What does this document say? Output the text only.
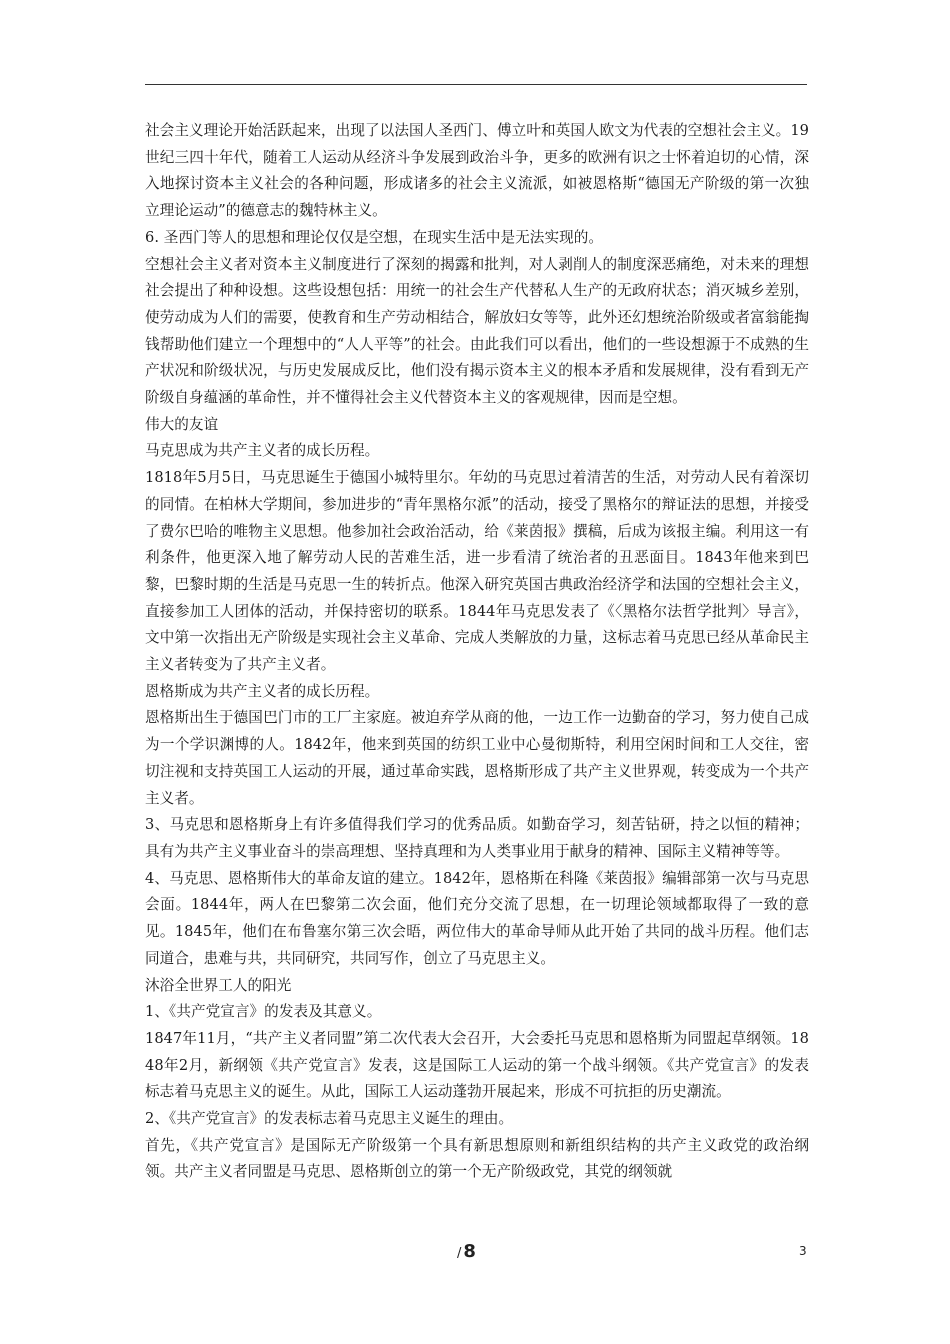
社会主义理论开始活跃起来，出现了以法国人圣西门、傅立叶和英国人欧文为代表的空想社会主义。19世纪三四十年代，随着工人运动从经济斗争发展到政治斗争，更多的欧洲有识之士怀着迫切的心情，深入地探讨资本主义社会的各种问题，形成诸多的社会主义流派，如被恩格斯“德国无产阶级的第一次独立理论运动”的德意志的魏特林主义。

6. 圣西门等人的思想和理论仅仅是空想，在现实生活中是无法实现的。

空想社会主义者对资本主义制度进行了深刻的揭露和批判，对人剥削人的制度深恶痛绝，对未来的理想社会提出了种种设想。这些设想包括：用统一的社会生产代替私人生产的无政府状态；消灭城乡差别，使劳动成为人们的需要，使教育和生产劳动相结合，解放妇女等等，此外还幻想统治阶级或者富翁能掏钱帮助他们建立一个理想中的“人人平等”的社会。由此我们可以看出，他们的一些设想源于不成熟的生产状况和阶级状况，与历史发展成反比，他们没有揭示资本主义的根本矛盾和发展规律，没有看到无产阶级自身蕴涵的革命性，并不懂得社会主义代替资本主义的客观规律，因而是空想。

伟大的友谊

马克思成为共产主义者的成长历程。

1818年5月5日，马克思诞生于德国小城特里尔。年幼的马克思过着清苦的生活，对劳动人民有着深切的同情。在柏林大学期间，参加进步的“青年黑格尔派”的活动，接受了黑格尔的辩证法的思想，并接受了费尔巴哈的唯物主义思想。他参加社会政治活动，给《莱茵报》撰稿，后成为该报主编。利用这一有利条件，他更深入地了解劳动人民的苦难生活，进一步看清了统治者的丑恶面目。1843年他来到巴黎，巴黎时期的生活是马克思一生的转折点。他深入研究英国古典政治经济学和法国的空想社会主义，直接参加工人团体的活动，并保持密切的联系。1844年马克思发表了《〈黑格尔法哲学批判〉导言》，文中第一次指出无产阶级是实现社会主义革命、完成人类解放的力量，这标志着马克思已经从革命民主主义者转变为了共产主义者。

恩格斯成为共产主义者的成长历程。

恩格斯出生于德国巴门市的工厂主家庭。被迫弃学从商的他，一边工作一边勤奋的学习，努力使自己成为一个学识渊博的人。1842年，他来到英国的纺织工业中心曼彻斯特，利用空闲时间和工人交往，密切注视和支持英国工人运动的开展，通过革命实践，恩格斯形成了共产主义世界观，转变成为一个共产主义者。

3、马克思和恩格斯身上有许多值得我们学习的优秀品质。如勤奋学习，刻苦钻研，持之以恒的精神；具有为共产主义事业奋斗的崇高理想、坚持真理和为人类事业用于献身的精神、国际主义精神等等。

4、马克思、恩格斯伟大的革命友谊的建立。1842年，恩格斯在科隆《莱茵报》编辑部第一次与马克思会面。1844年，两人在巴黎第二次会面，他们充分交流了思想，在一切理论领域都取得了一致的意见。1845年，他们在布鲁塞尔第三次会晤，两位伟大的革命导师从此开始了共同的战斗历程。他们志同道合，患难与共，共同研究，共同写作，创立了马克思主义。

沐浴全世界工人的阳光

1、《共产党宣言》的发表及其意义。

1847年11月，“共产主义者同盟”第二次代表大会召开，大会委托马克思和恩格斯为同盟起草纲领。1848年2月，新纲领《共产党宣言》发表，这是国际工人运动的第一个战斗纲领。《共产党宣言》的发表标志着马克思主义的诞生。从此，国际工人运动蓬勃开展起来，形成不可抗拒的历史潮流。

2、《共产党宣言》的发表标志着马克思主义诞生的理由。

首先，《共产党宣言》是国际无产阶级第一个具有新思想原则和新组织结构的共产主义政党的政治纲领。共产主义者同盟是马克思、恩格斯创立的第一个无产阶级政党，其党的纲领就

/ 8	3
